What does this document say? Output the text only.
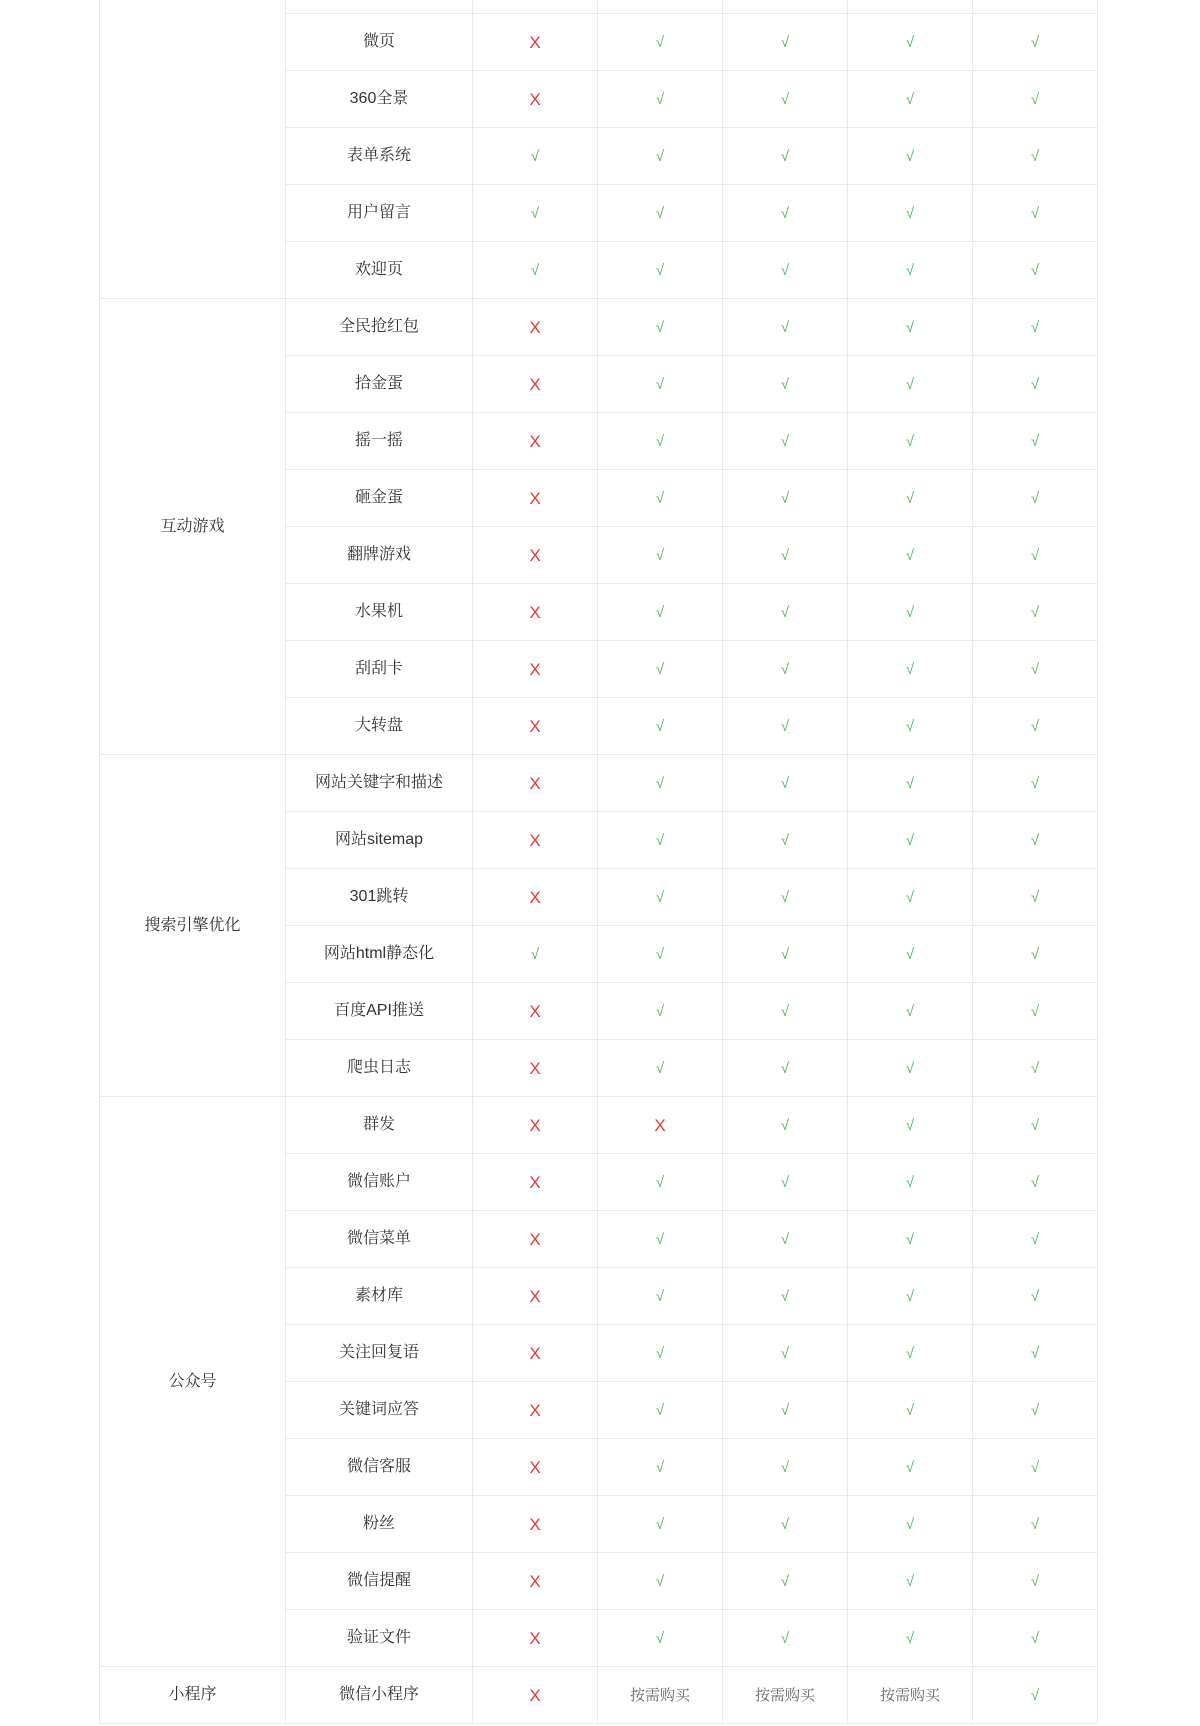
	微页	X	√	√	√	√
	360全景	X	√	√	√	√
	表单系统	√	√	√	√	√
	用户留言	√	√	√	√	√
	欢迎页	√	√	√	√	√
互动游戏	全民抢红包	X	√	√	√	√
	拾金蛋	X	√	√	√	√
	摇一摇	X	√	√	√	√
	砸金蛋	X	√	√	√	√
	翻牌游戏	X	√	√	√	√
	水果机	X	√	√	√	√
	刮刮卡	X	√	√	√	√
	大转盘	X	√	√	√	√
搜索引擎优化	网站关键字和描述	X	√	√	√	√
	网站sitemap	X	√	√	√	√
	301跳转	X	√	√	√	√
	网站html静态化	√	√	√	√	√
	百度API推送	X	√	√	√	√
	爬虫日志	X	√	√	√	√
公众号	群发	X	X	√	√	√
	微信账户	X	√	√	√	√
	微信菜单	X	√	√	√	√
	素材库	X	√	√	√	√
	关注回复语	X	√	√	√	√
	关键词应答	X	√	√	√	√
	微信客服	X	√	√	√	√
	粉丝	X	√	√	√	√
	微信提醒	X	√	√	√	√
	验证文件	X	√	√	√	√
小程序	微信小程序	X	按需购买	按需购买	按需购买	√
